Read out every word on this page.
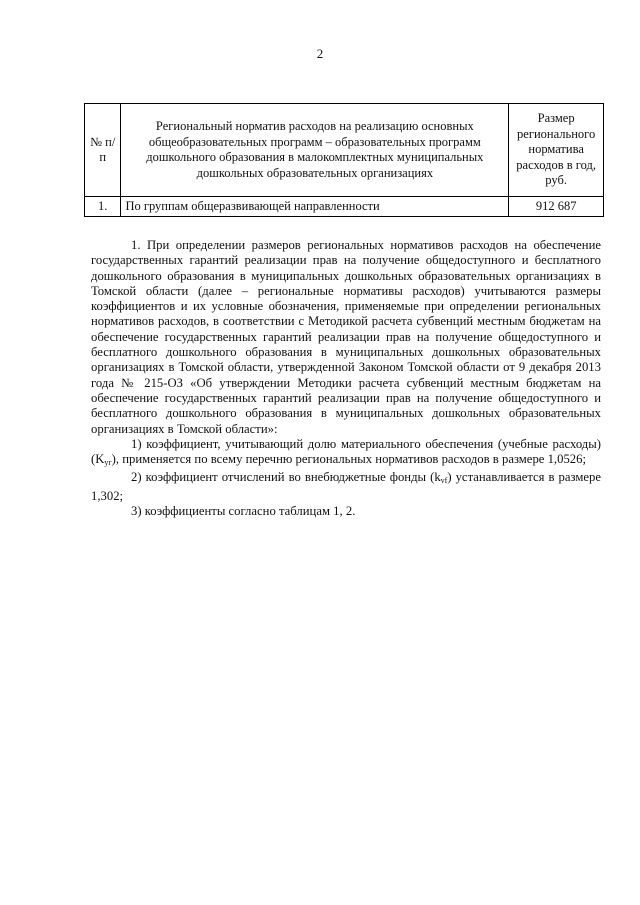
2
№ п/п	Региональный норматив расходов на реализацию основных общеобразовательных программ – образовательных программ дошкольного образования в малокомплектных муниципальных дошкольных образовательных организациях	Размер регионального норматива расходов в год, руб.
1.	По группам общеразвивающей направленности	912 687

1. При определении размеров региональных нормативов расходов на обеспечение государственных гарантий реализации прав на получение общедоступного и бесплатного дошкольного образования в муниципальных дошкольных образовательных организациях в Томской области (далее – региональные нормативы расходов) учитываются размеры коэффициентов и их условные обозначения, применяемые при определении региональных нормативов расходов, в соответствии с Методикой расчета субвенций местным бюджетам на обеспечение государственных гарантий реализации прав на получение общедоступного и бесплатного дошкольного образования в муниципальных дошкольных образовательных организациях в Томской области, утвержденной Законом Томской области от 9 декабря 2013 года № 215-ОЗ «Об утверждении Методики расчета субвенций местным бюджетам на обеспечение государственных гарантий реализации прав на получение общедоступного и бесплатного дошкольного образования в муниципальных дошкольных образовательных организациях в Томской области»:

1) коэффициент, учитывающий долю материального обеспечения (учебные расходы) $(K_{уг})$, применяется по всему перечню региональных нормативов расходов в размере 1,0526;

2) коэффициент отчислений во внебюджетные фонды $(k_{vf})$ устанавливается в размере 1,302;

3) коэффициенты согласно таблицам 1, 2.
